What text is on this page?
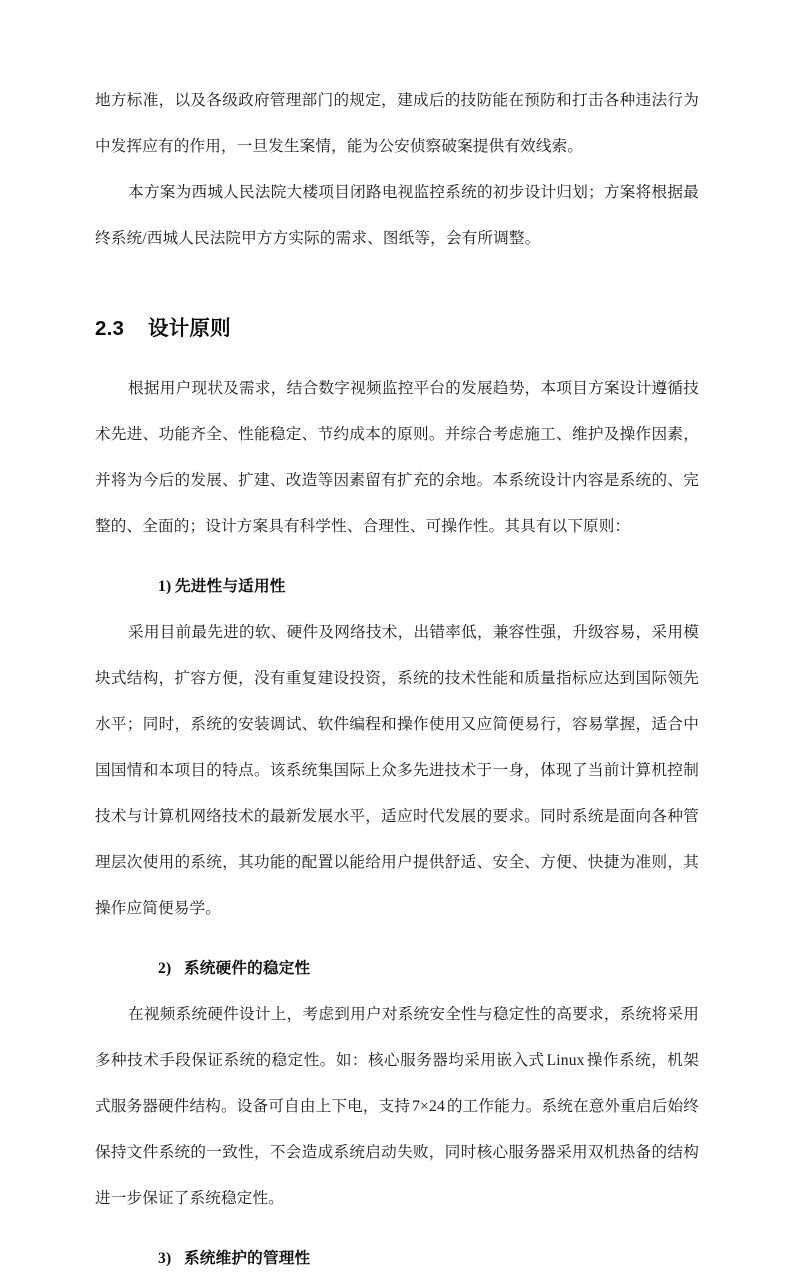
地方标准，以及各级政府管理部门的规定，建成后的技防能在预防和打击各种违法行为中发挥应有的作用，一旦发生案情，能为公安侦察破案提供有效线索。

本方案为西城人民法院大楼项目闭路电视监控系统的初步设计归划；方案将根据最终系统/西城人民法院甲方方实际的需求、图纸等，会有所调整。

2.3 设计原则

根据用户现状及需求，结合数字视频监控平台的发展趋势，本项目方案设计遵循技术先进、功能齐全、性能稳定、节约成本的原则。并综合考虑施工、维护及操作因素，并将为今后的发展、扩建、改造等因素留有扩充的余地。本系统设计内容是系统的、完整的、全面的；设计方案具有科学性、合理性、可操作性。其具有以下原则：

1) 先进性与适用性

采用目前最先进的软、硬件及网络技术，出错率低，兼容性强，升级容易，采用模块式结构，扩容方便，没有重复建设投资，系统的技术性能和质量指标应达到国际领先水平；同时，系统的安装调试、软件编程和操作使用又应简便易行，容易掌握，适合中国国情和本项目的特点。该系统集国际上众多先进技术于一身，体现了当前计算机控制技术与计算机网络技术的最新发展水平，适应时代发展的要求。同时系统是面向各种管理层次使用的系统，其功能的配置以能给用户提供舒适、安全、方便、快捷为准则，其操作应简便易学。

2) 系统硬件的稳定性

在视频系统硬件设计上，考虑到用户对系统安全性与稳定性的高要求，系统将采用多种技术手段保证系统的稳定性。如：核心服务器均采用嵌入式 Linux 操作系统，机架式服务器硬件结构。设备可自由上下电，支持 7×24 的工作能力。系统在意外重启后始终保持文件系统的一致性，不会造成系统启动失败，同时核心服务器采用双机热备的结构进一步保证了系统稳定性。

3) 系统维护的管理性
